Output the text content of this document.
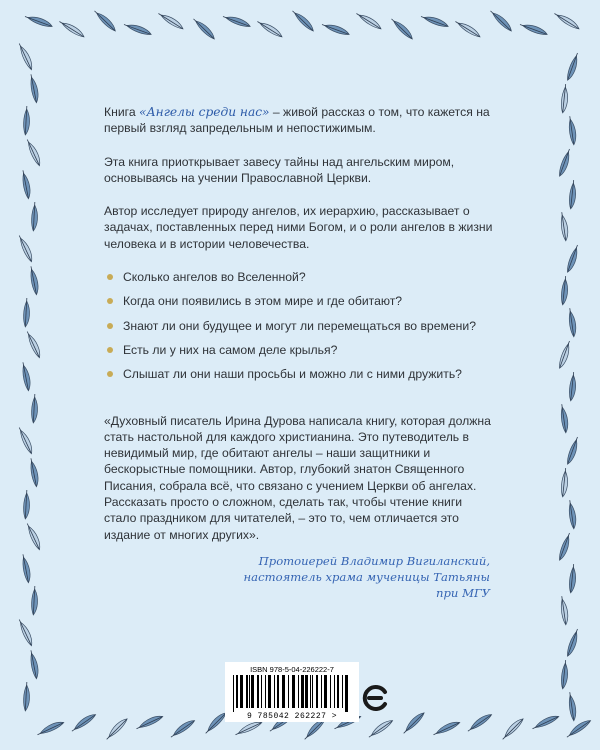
Книга «Ангелы среди нас» – живой рассказ о том, что кажется на первый взгляд запредельным и непостижимым.

Эта книга приоткрывает завесу тайны над ангельским миром, основываясь на учении Православной Церкви.

Автор исследует природу ангелов, их иерархию, рассказывает о задачах, поставленных перед ними Богом, и о роли ангелов в жизни человека и в истории человечества.

Сколько ангелов во Вселенной?
Когда они появились в этом мире и где обитают?
Знают ли они будущее и могут ли перемещаться во времени?
Есть ли у них на самом деле крылья?
Слышат ли они наши просьбы и можно ли с ними дружить?

«Духовный писатель Ирина Дурова написала книгу, которая должна стать настольной для каждого христианина. Это путеводитель в невидимый мир, где обитают ангелы – наши защитники и бескорыстные помощники. Автор, глубокий знатон Священного Писания, собрала всё, что связано с учением Церкви об ангелах. Рассказать просто о сложном, сделать так, чтобы чтение книги стало праздником для читателей, – это то, чем отличается это издание от многих других».

Протоиерей Владимир Вигиланский,
настоятель храма мученицы Татьяны
при МГУ
ISBN 978-5-04-226222-7
9 785042 262227 >
